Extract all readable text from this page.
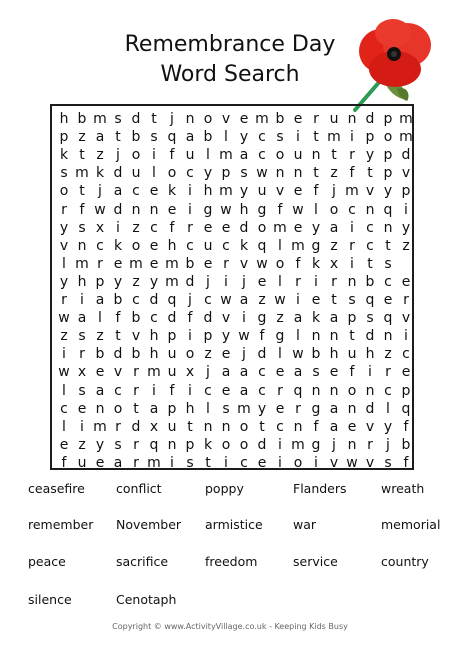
Remembrance Day
Word Search
h b m s d t j n o v e m b e r u n d p m
p z a t b s q a b l y c s i t m i p o m
k t z j o i f u l m a c o u n t r y p d
s m k d u l o c y p s w n n t z f t p v
o t j a c e k i h m y u v e f j m v y p
r f w d n n e i g w h g f w l o c n q i
y s x i z c f r e e d o m e y a i c n y
v n c k o e h c u c k q l m g z r c t z
l m r e m e m b e r v w o f k x i t s
y h p y z y m d j	i	j e l r i r n b c e
r i a b c d q j c w a z w i e t s q e r
w a l f b c d f d v i g z a k a p s q v
z s z t v h p i p y w f g l n n t d n i
i r b d b h u o z e j d l w b h u h z c
w x e v r m u x j a a c e a s e f i r e
l s a c r i f i c e a c r q n n o n c p
c e n o t a p h l s m y e r g a n d l q
l	i m r d x u t n n o t c n f a e v y f
e z y s r q n p k o o d i m g j n r j b
f u e a r m i s t i c e i o i v w v s f
ceasefire conflict	poppy	Flanders	wreath
remember November armistice war	memorial
peace	sacrifice	freedom	service	country
silence	Cenotaph
Copyright © www.ActivityVillage.co.uk - Keeping Kids Busy
